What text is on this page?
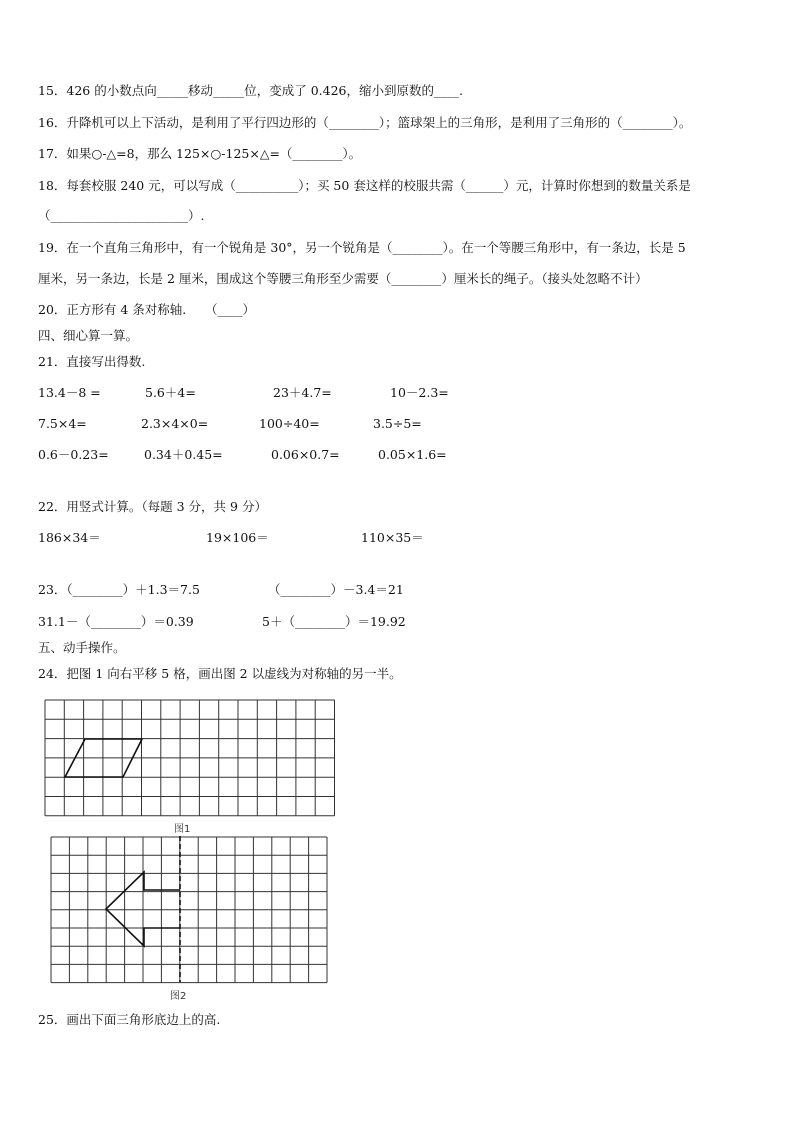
15．426 的小数点向_____移动_____位，变成了 0.426，缩小到原数的____.
16．升降机可以上下活动，是利用了平行四边形的（________）；篮球架上的三角形，是利用了三角形的（________）。
17．如果○-△=8，那么 125×○-125×△=（________）。
18．每套校服 240 元，可以写成（__________）；买 50 套这样的校服共需（______）元，计算时你想到的数量关系是
（______________________）.
19．在一个直角三角形中，有一个锐角是 30°，另一个锐角是（________）。在一个等腰三角形中，有一条边，长是 5
厘米，另一条边，长是 2 厘米，围成这个等腰三角形至少需要（________）厘米长的绳子。（接头处忽略不计）
20．正方形有 4 条对称轴.　　（____）
四、细心算一算。
21．直接写出得数.
13.4－8 =	5.6＋4=	23＋4.7=	10－2.3=
7.5×4=	2.3×4×0=	100÷40=	3.5÷5=
0.6－0.23=	0.34＋0.45=	0.06×0.7=	0.05×1.6=
22．用竖式计算。（每题 3 分，共 9 分）
186×34＝	19×106＝	110×35＝
23．（________）＋1.3＝7.5	（________）－3.4＝21
31.1－（________）＝0.39	5＋（________）＝19.92
五、动手操作。
24．把图 1 向右平移 5 格，画出图 2 以虚线为对称轴的另一半。
图1
图2
25．画出下面三角形底边上的高.
